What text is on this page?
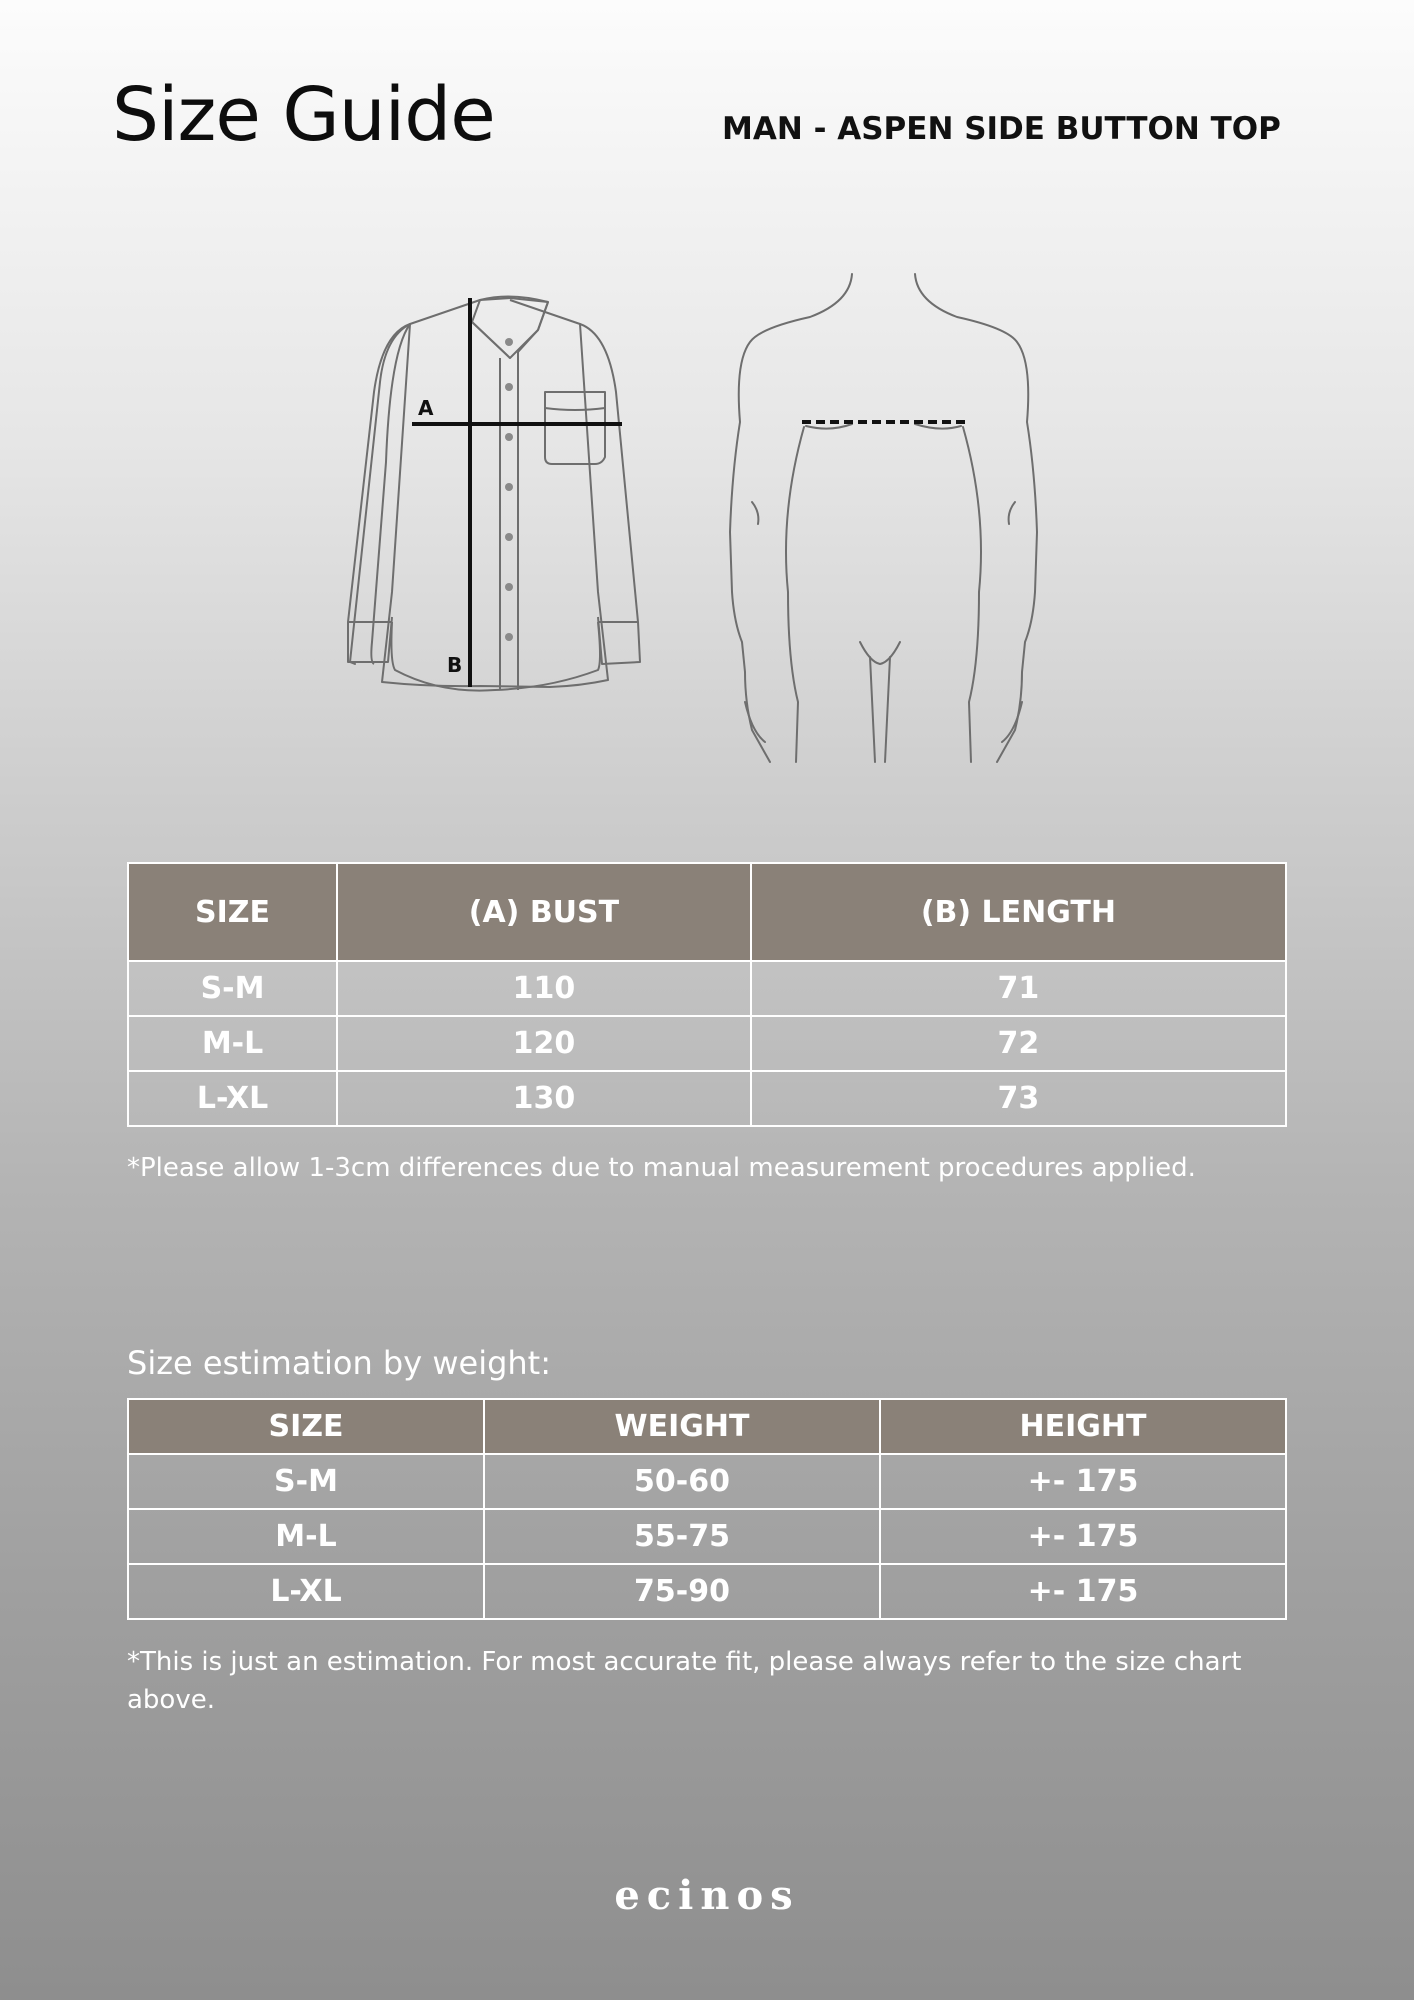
Size Guide	MAN - ASPEN SIDE BUTTON TOP
A
B
SIZE	(A) BUST	(B) LENGTH
S-M	110	71
M-L	120	72
L-XL	130	73
*Please allow 1-3cm differences due to manual measurement procedures applied.
Size estimation by weight:
SIZE	WEIGHT	HEIGHT
S-M	50-60	+- 175
M-L	55-75	+- 175
L-XL	75-90	+- 175
*This is just an estimation. For most accurate fit, please always refer to the size chart above.
ecinos
